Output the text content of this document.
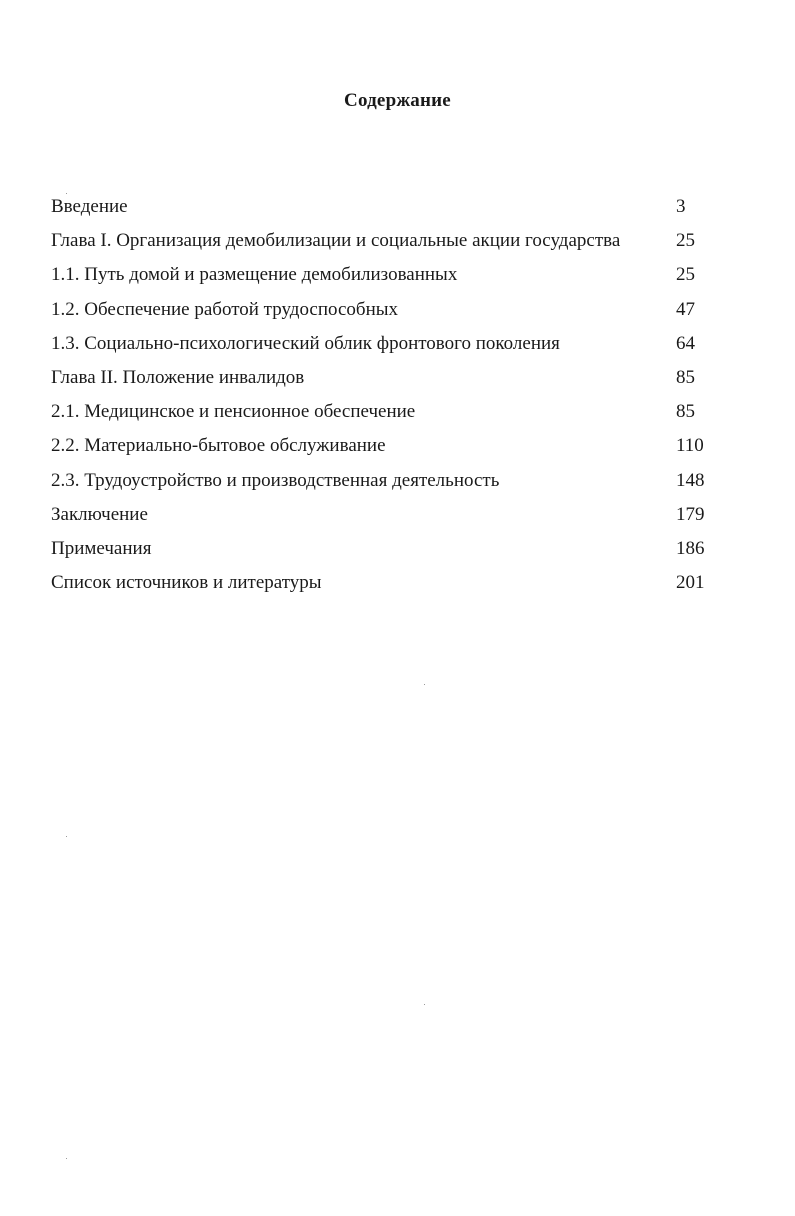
Содержание
Введение	3
Глава I. Организация демобилизации и социальные акции государства	25
1.1. Путь домой и размещение демобилизованных	25
1.2. Обеспечение работой трудоспособных	47
1.3. Социально-психологический облик фронтового поколения	64
Глава II. Положение инвалидов	85
2.1. Медицинское и пенсионное обеспечение	85
2.2. Материально-бытовое обслуживание	110
2.3. Трудоустройство и производственная деятельность	148
Заключение	179
Примечания	186
Список источников и литературы	201
